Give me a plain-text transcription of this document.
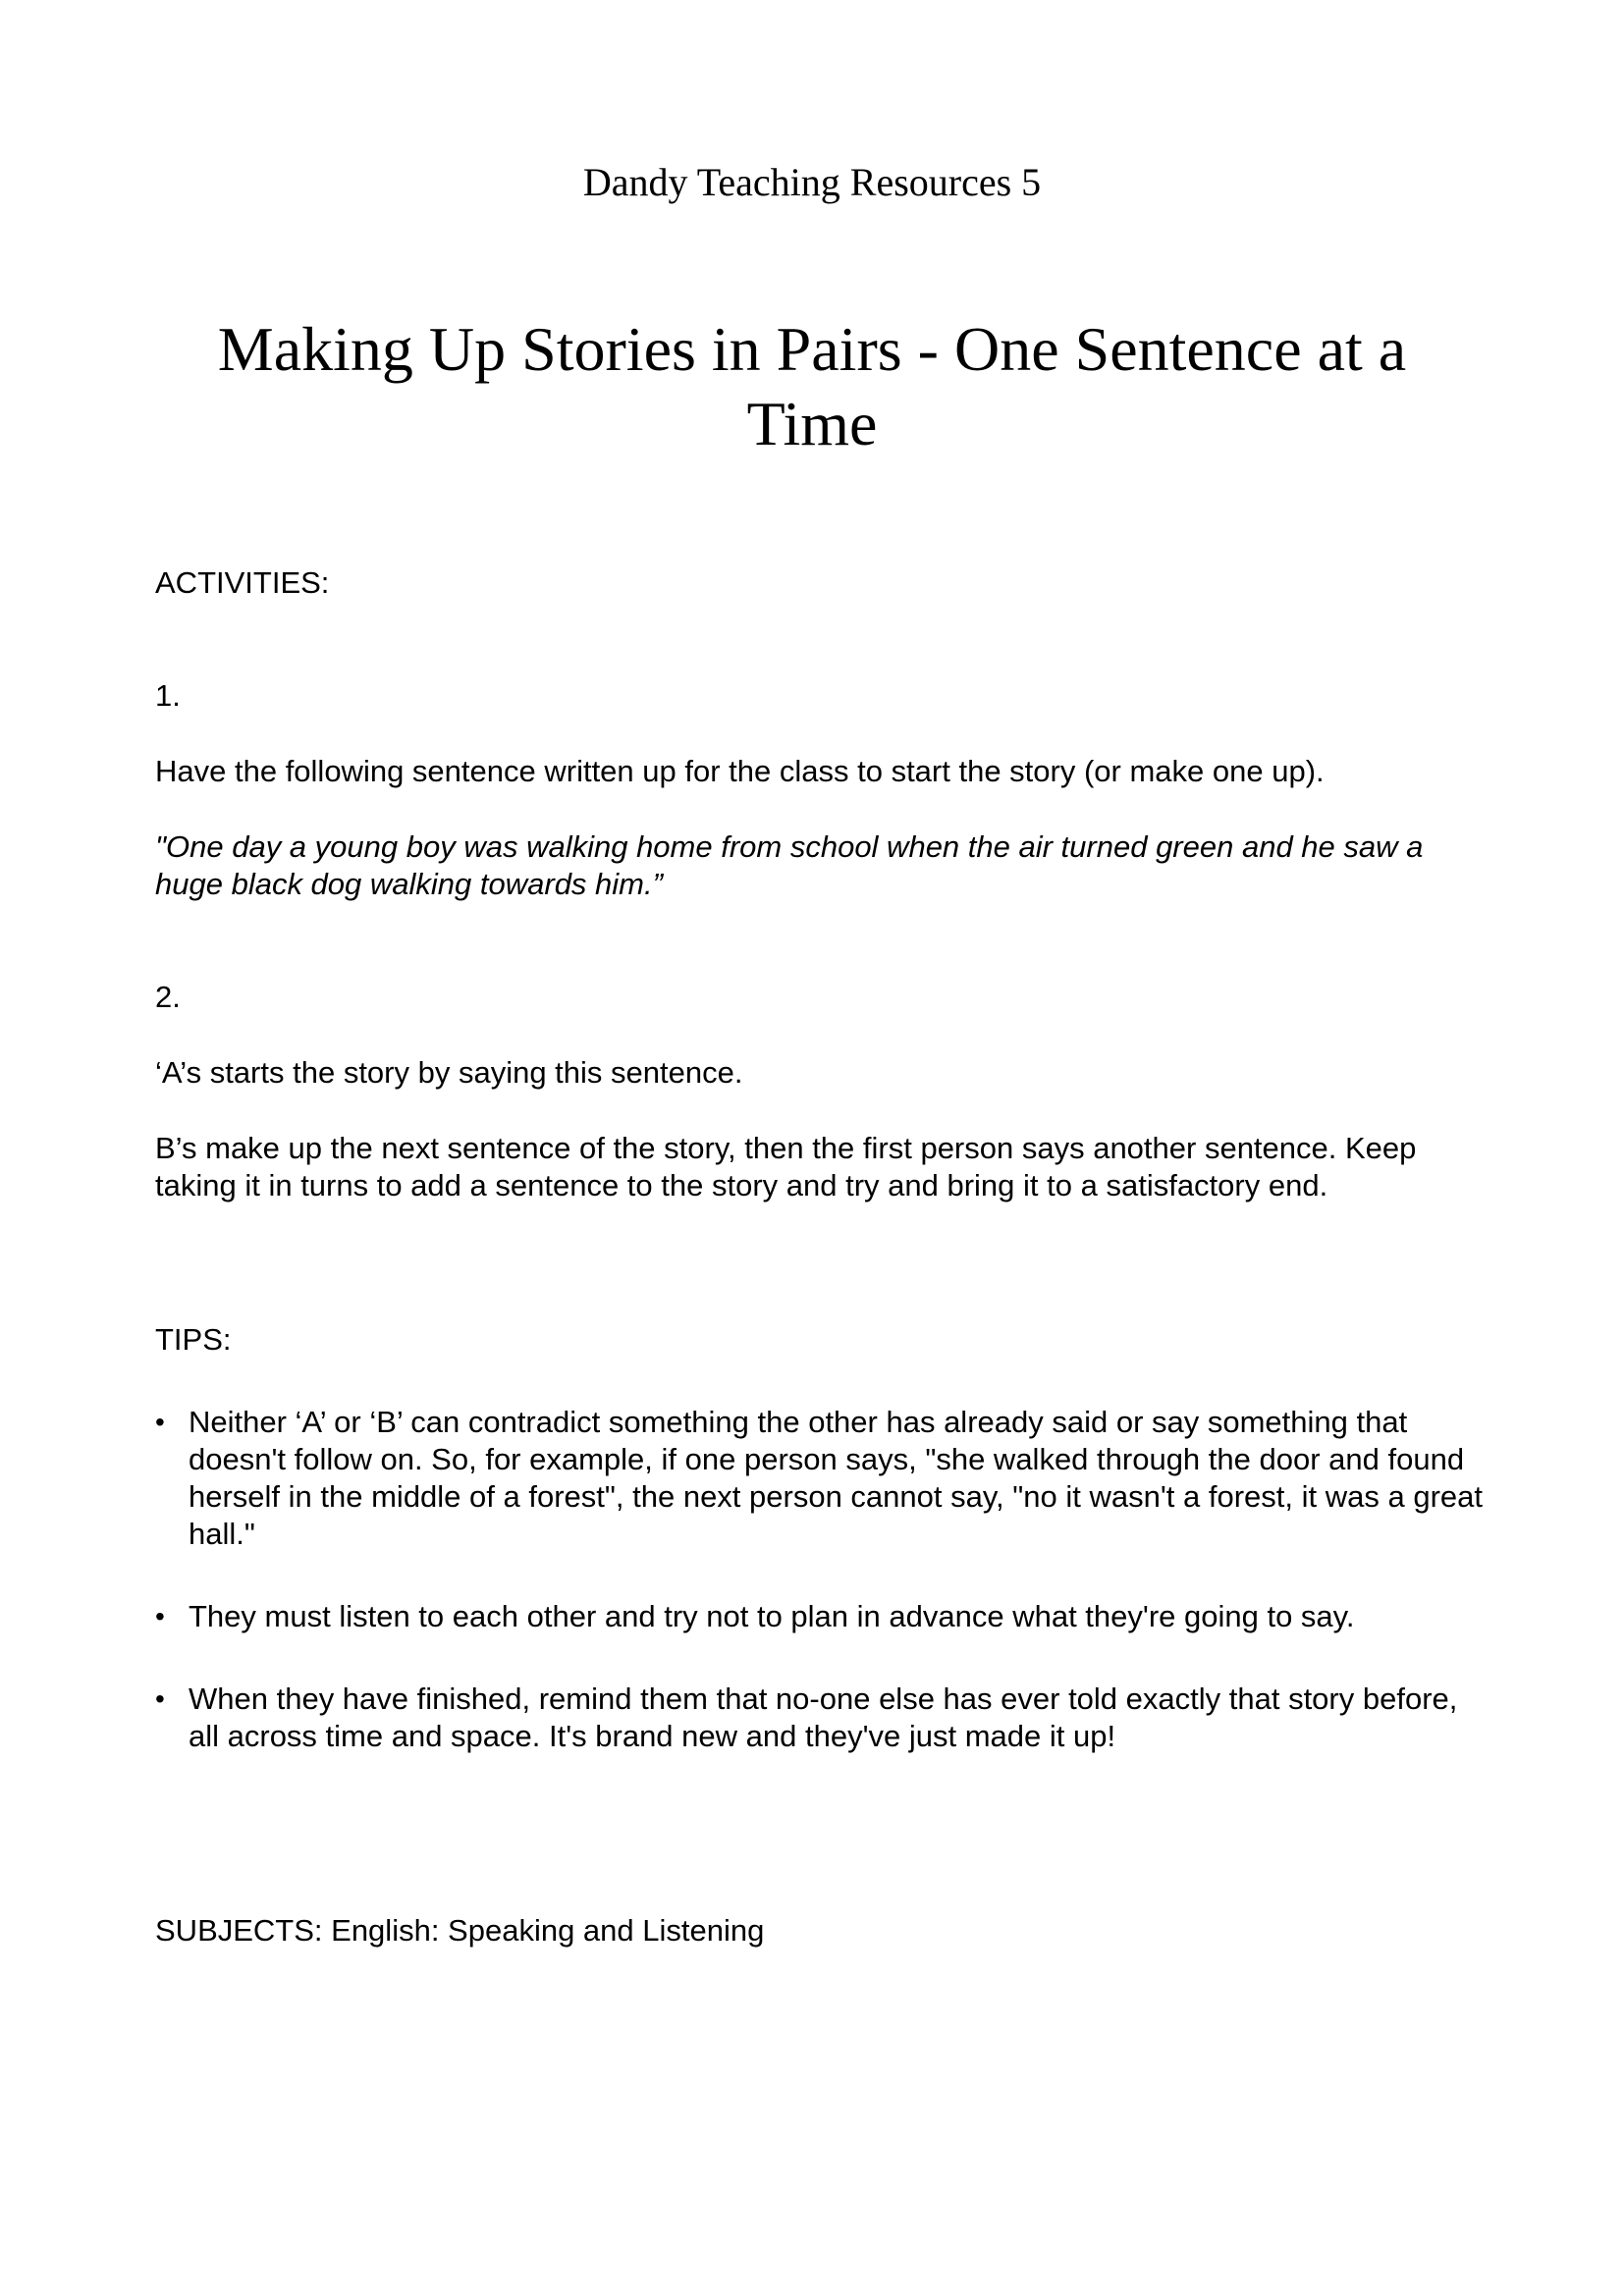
Dandy Teaching Resources 5
Making Up Stories in Pairs - One Sentence at a Time
ACTIVITIES:
1.
Have the following sentence written up for the class to start the story (or make one up).
"One day a young boy was walking home from school when the air turned green and he saw a huge black dog walking towards him.”
2.
‘A’s starts the story by saying this sentence.
B’s make up the next sentence of the story, then the first person says another sentence. Keep taking it in turns to add a sentence to the story and try and bring it to a satisfactory end.
TIPS:
• Neither ‘A’ or ‘B’ can contradict something the other has already said or say something that doesn't follow on. So, for example, if one person says, "she walked through the door and found herself in the middle of a forest", the next person cannot say, "no it wasn't a forest, it was a great hall."
• They must listen to each other and try not to plan in advance what they're going to say.
• When they have finished, remind them that no-one else has ever told exactly that story before, all across time and space. It's brand new and they've just made it up!
SUBJECTS: English: Speaking and Listening
